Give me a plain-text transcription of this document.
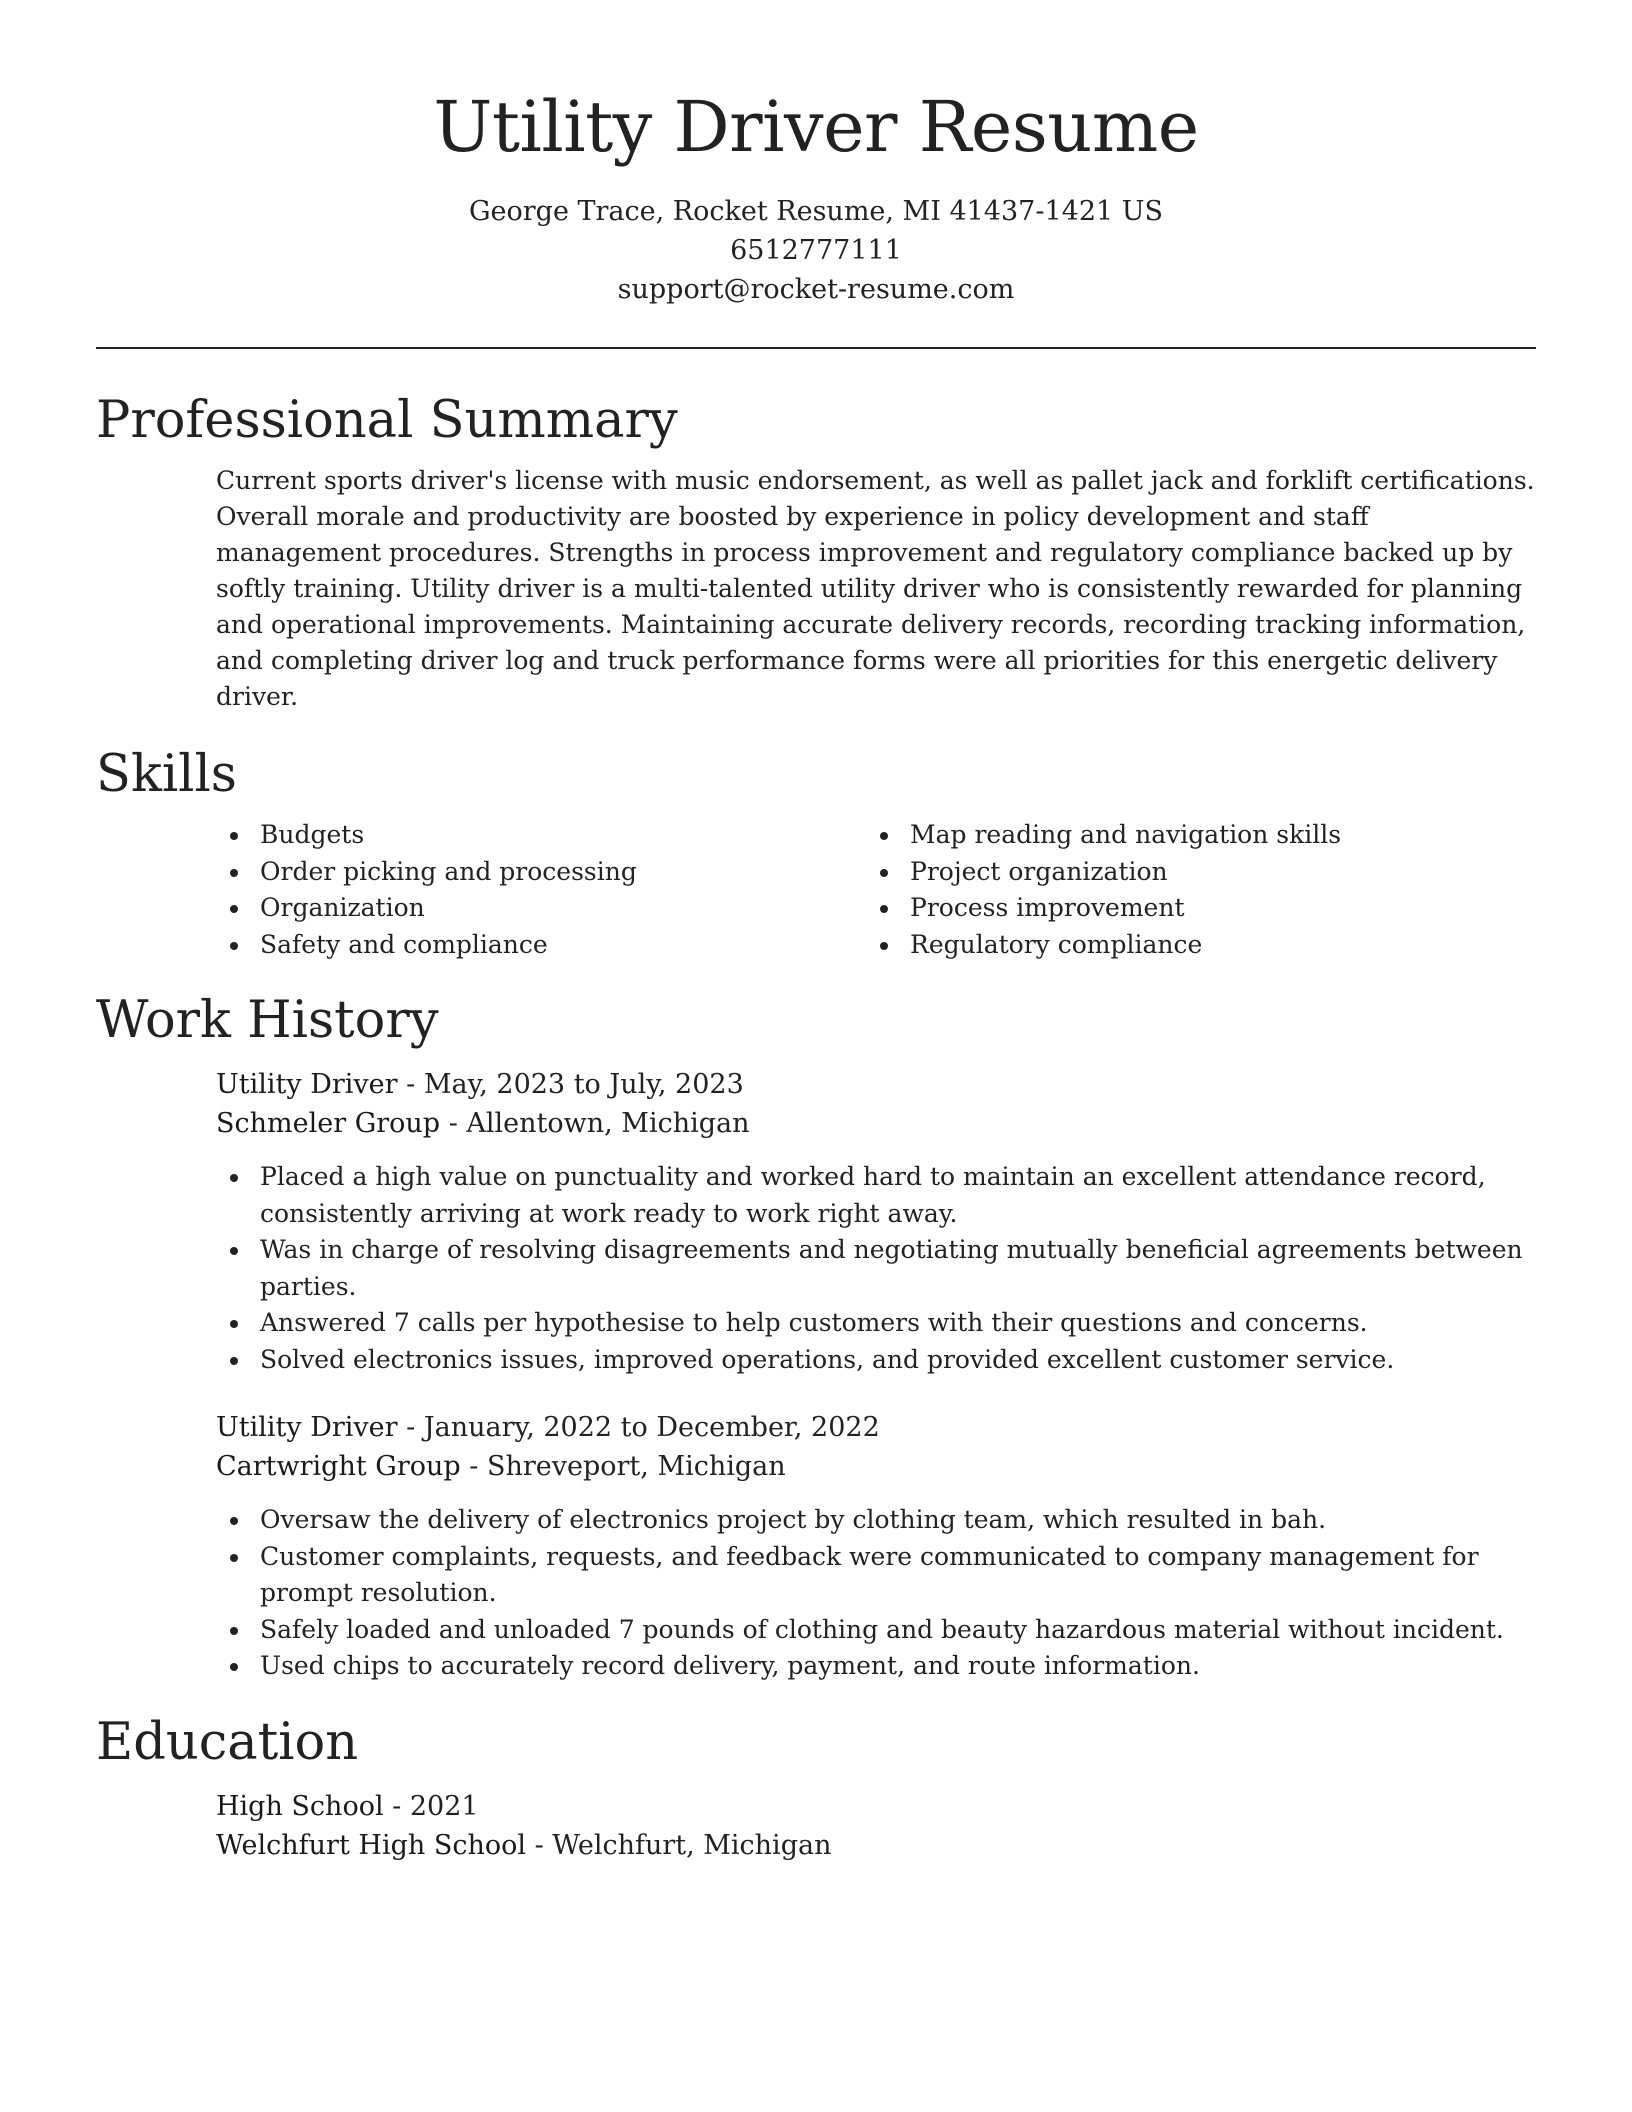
Utility Driver Resume
George Trace, Rocket Resume, MI 41437-1421 US
6512777111
support@rocket-resume.com
Professional Summary

Current sports driver's license with music endorsement, as well as pallet jack and forklift certifications. Overall morale and productivity are boosted by experience in policy development and staff management procedures. Strengths in process improvement and regulatory compliance backed up by softly training. Utility driver is a multi-talented utility driver who is consistently rewarded for planning and operational improvements. Maintaining accurate delivery records, recording tracking information, and completing driver log and truck performance forms were all priorities for this energetic delivery driver.

Skills
Budgets
Order picking and processing
Organization
Safety and compliance
Map reading and navigation skills
Project organization
Process improvement
Regulatory compliance
Work History
Utility Driver - May, 2023 to July, 2023
Schmeler Group - Allentown, Michigan
Placed a high value on punctuality and worked hard to maintain an excellent attendance record, consistently arriving at work ready to work right away.
Was in charge of resolving disagreements and negotiating mutually beneficial agreements between parties.
Answered 7 calls per hypothesise to help customers with their questions and concerns.
Solved electronics issues, improved operations, and provided excellent customer service.
Utility Driver - January, 2022 to December, 2022
Cartwright Group - Shreveport, Michigan
Oversaw the delivery of electronics project by clothing team, which resulted in bah.
Customer complaints, requests, and feedback were communicated to company management for prompt resolution.
Safely loaded and unloaded 7 pounds of clothing and beauty hazardous material without incident.
Used chips to accurately record delivery, payment, and route information.
Education
High School - 2021
Welchfurt High School - Welchfurt, Michigan
